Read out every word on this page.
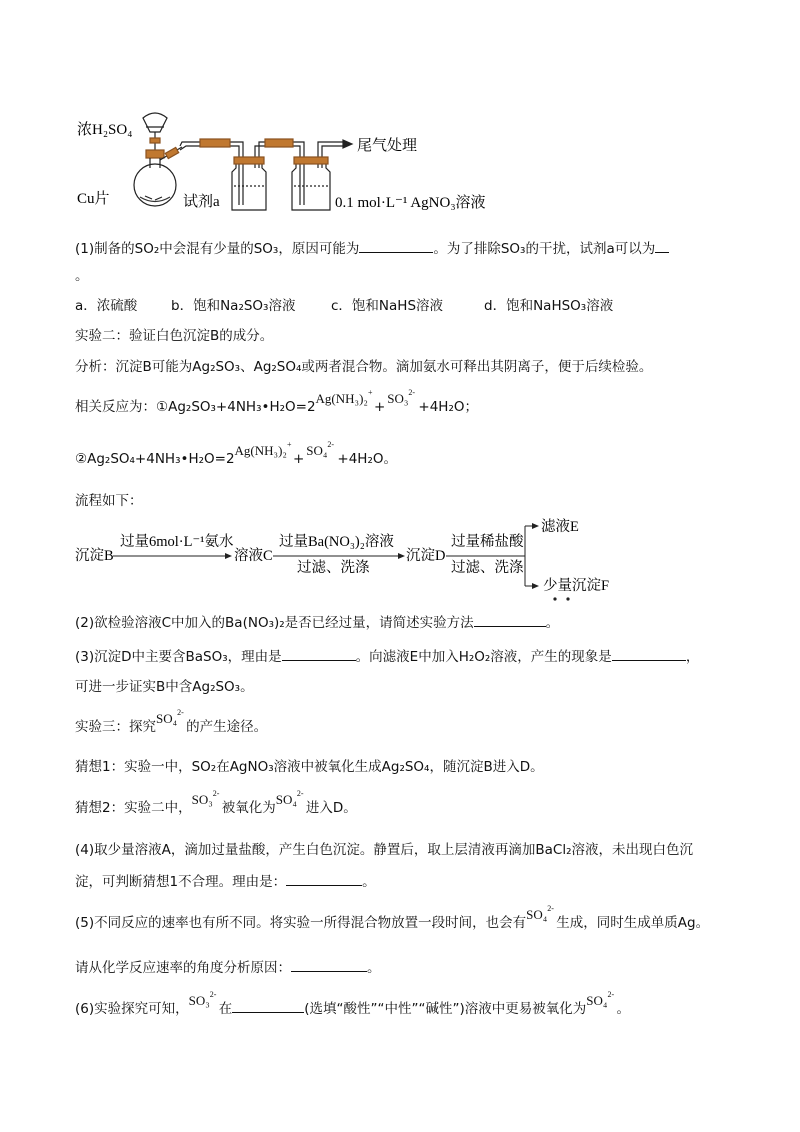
浓H₂SO₄
Cu片	试剂a
尾气处理
0.1 mol·L⁻¹ AgNO₃溶液
(1)制备的SO₂中会混有少量的SO₃，原因可能为	。为了排除SO₃的干扰，试剂a可以为
。
a．浓硫酸 b．饱和Na₂SO₃溶液	c．饱和NaHS溶液	d．饱和NaHSO₃溶液
实验二：验证白色沉淀B的成分。
分析：沉淀B可能为Ag₂SO₃、Ag₂SO₄或两者混合物。滴加氨水可释出其阴离子，便于后续检验。
相关反应为：①Ag₂SO₃+4NH₃•H₂O=2Ag(NH₃)₂ +
+SO₃ 2-
+4H₂O；
②Ag₂SO₄+4NH₃•H₂O=2Ag(NH₃)₂ +
+SO₄ 2-
+4H₂O。
流程如下：
沉淀B
过量6mol·L⁻¹氨水
溶液C
过量Ba(NO₃)₂溶液
过滤、洗涤
沉淀D
过量稀盐酸
过滤、洗涤
滤液E
少量沉淀F
(2)欲检验溶液C中加入的Ba(NO₃)₂是否已经过量，请简述实验方法	。
(3)沉淀D中主要含BaSO₃，理由是	。向滤液E中加入H₂O₂溶液，产生的现象是	，
可进一步证实B中含Ag₂SO₃。
实验三：探究SO₄ 2-
的产生途径。
猜想1：实验一中，SO₂在AgNO₃溶液中被氧化生成Ag₂SO₄，随沉淀B进入D。
猜想2：实验二中，SO₃ 2-
被氧化为SO₄ 2-
进入D。
(4)取少量溶液A，滴加过量盐酸，产生白色沉淀。静置后，取上层清液再滴加BaCl₂溶液，未出现白色沉
淀，可判断猜想1不合理。理由是：	。
(5)不同反应的速率也有所不同。将实验一所得混合物放置一段时间，也会有SO₄ 2-
生成，同时生成单质Ag。
请从化学反应速率的角度分析原因：	。
(6)实验探究可知，SO₃ 2-
在	(选填“酸性”“中性”“碱性”)溶液中更易被氧化为SO₄ 2-
。
